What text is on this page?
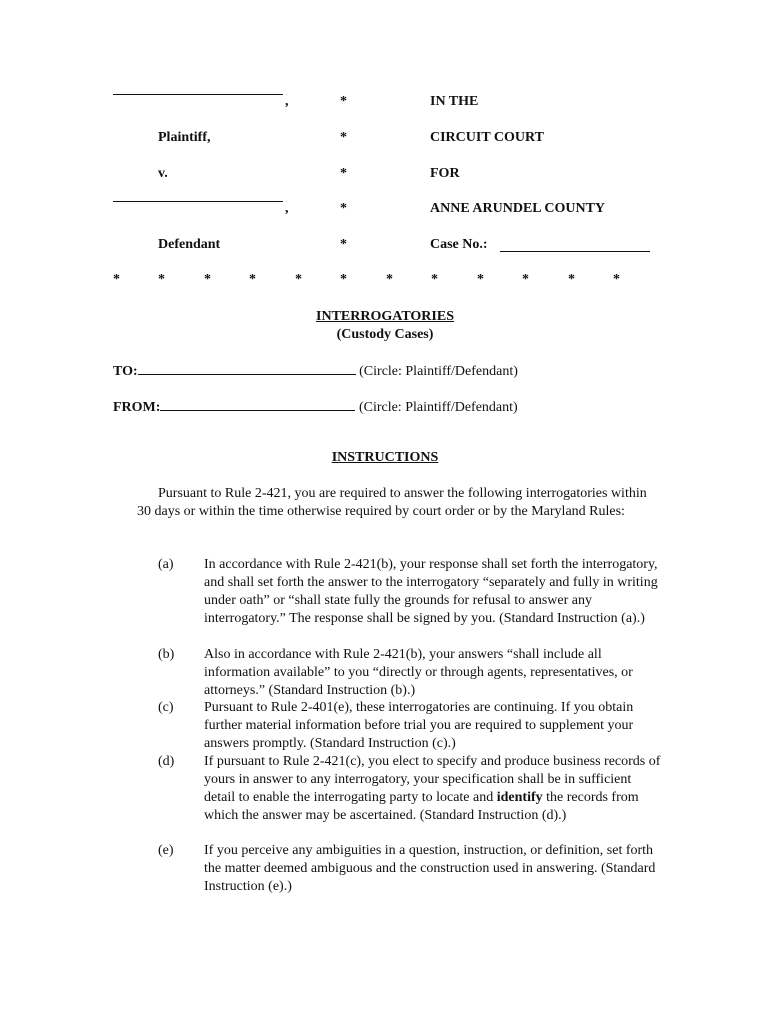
,	*	IN THE
Plaintiff,	*	CIRCUIT COURT
v.	*	FOR
,	*	ANNE ARUNDEL COUNTY
Defendant	*	Case No.:
*	*	*	*	*	*	*	*	*	*	*	*
INTERROGATORIES
(Custody Cases)
TO:	(Circle: Plaintiff/Defendant)
FROM:	(Circle: Plaintiff/Defendant)
INSTRUCTIONS
Pursuant to Rule 2-421, you are required to answer the following interrogatories within 30 days or within the time otherwise required by court order or by the Maryland Rules:
(a) In accordance with Rule 2-421(b), your response shall set forth the interrogatory, and shall set forth the answer to the interrogatory “separately and fully in writing under oath” or “shall state fully the grounds for refusal to answer any interrogatory.” The response shall be signed by you. (Standard Instruction (a).)
(b) Also in accordance with Rule 2-421(b), your answers “shall include all information available” to you “directly or through agents, representatives, or attorneys.” (Standard Instruction (b).)
(c) Pursuant to Rule 2-401(e), these interrogatories are continuing. If you obtain further material information before trial you are required to supplement your answers promptly. (Standard Instruction (c).)
(d) If pursuant to Rule 2-421(c), you elect to specify and produce business records of yours in answer to any interrogatory, your specification shall be in sufficient detail to enable the interrogating party to locate and identify the records from which the answer may be ascertained. (Standard Instruction (d).)
(e) If you perceive any ambiguities in a question, instruction, or definition, set forth the matter deemed ambiguous and the construction used in answering. (Standard Instruction (e).)
